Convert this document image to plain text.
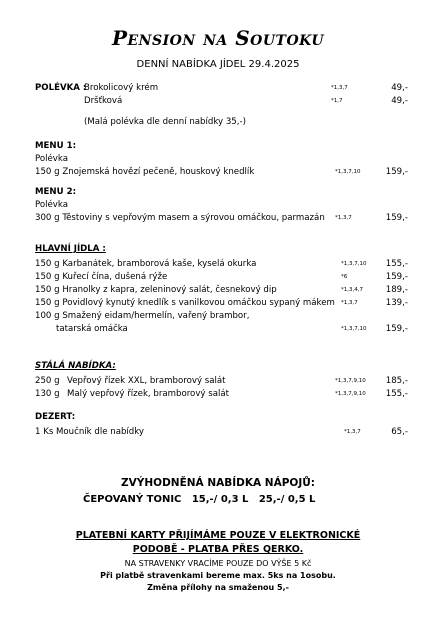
Pension na Soutoku
DENNÍ NABÍDKA JÍDEL 29.4.2025
POLÉVKA :
Brokolicový krém	*1,3,7	49,-
Dršťková	*1,7	49,-
(Malá polévka dle denní nabídky 35,-)
MENU 1:
Polévka
150 g Znojemská hovězí pečeně, houskový knedlík	*1,3,7,10	159,-
MENU 2:
Polévka
300 g Těstoviny s vepřovým masem a sýrovou omáčkou, parmazán *1,3,7	159,-
HLAVNÍ JÍDLA :
150 g Karbanátek, bramborová kaše, kyselá okurka	*1,3,7,10	155,-
150 g Kuřecí čína, dušená rýže	*6	159,-
150 g Hranolky z kapra, zeleninový salát, česnekový dip	*1,3,4,7	189,-
150 g Povidlový kynutý knedlík s vanilkovou omáčkou sypaný mákem *1,3,7	139,-
100 g Smažený eidam/hermelín, vařený brambor,
tatarská omáčka	*1,3,7,10	159,-
STÁLÁ NABÍDKA:
250 g Vepřový řízek XXL, bramborový salát	*1,3,7,9,10	185,-
130 g Malý vepřový řízek, bramborový salát	*1,3,7,9,10	155,-
DEZERT:
1 Ks Moučník dle nabídky	*1,3,7	65,-
ZVÝHODNĚNÁ NABÍDKA NÁPOJŮ:
ČEPOVANÝ TONIC   15,-/ 0,3 L   25,-/ 0,5 L
PLATEBNÍ KARTY PŘIJÍMÁME POUZE V ELEKTRONICKÉ
PODOBĚ - PLATBA PŘES QERKO.
NA STRAVENKY VRACÍME POUZE DO VÝŠE 5 Kč
Při platbě stravenkami bereme max. 5ks na 1osobu.
Změna přílohy na smaženou 5,-
